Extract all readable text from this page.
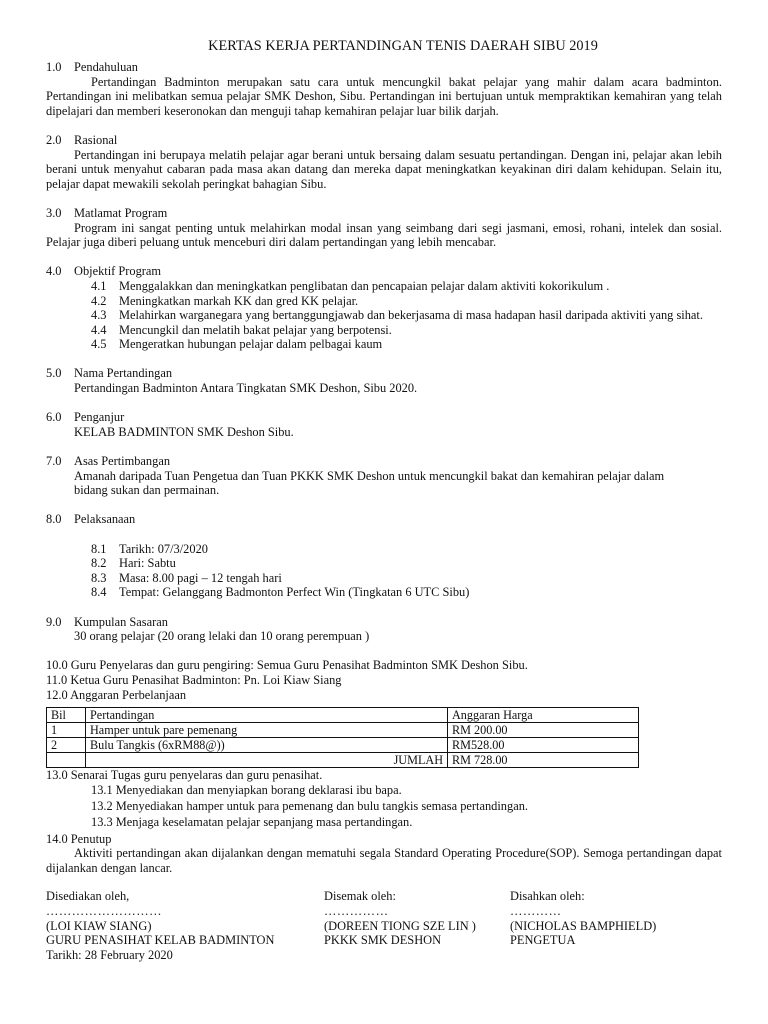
KERTAS KERJA PERTANDINGAN TENIS DAERAH SIBU 2019
1.0 Pendahuluan

Pertandingan Badminton merupakan satu cara untuk mencungkil bakat pelajar yang mahir dalam acara badminton. Pertandingan ini melibatkan semua pelajar SMK Deshon, Sibu. Pertandingan ini bertujuan untuk mempraktikan kemahiran yang telah dipelajari dan memberi keseronokan dan menguji tahap kemahiran pelajar luar bilik darjah.

2.0 Rasional

Pertandingan ini berupaya melatih pelajar agar berani untuk bersaing dalam sesuatu pertandingan. Dengan ini, pelajar akan lebih berani untuk menyahut cabaran pada masa akan datang dan mereka dapat meningkatkan keyakinan diri dalam kehidupan. Selain itu, pelajar dapat mewakili sekolah peringkat bahagian Sibu.

3.0 Matlamat Program

Program ini sangat penting untuk melahirkan modal insan yang seimbang dari segi jasmani, emosi, rohani, intelek dan sosial. Pelajar juga diberi peluang untuk menceburi diri dalam pertandingan yang lebih mencabar.

4.0 Objektif Program
4.1	Menggalakkan dan meningkatkan penglibatan dan pencapaian pelajar dalam aktiviti kokorikulum .
4.2	Meningkatkan markah KK dan gred KK pelajar.
4.3	Melahirkan warganegara yang bertanggungjawab dan bekerjasama di masa hadapan hasil daripada aktiviti yang sihat.
4.4	Mencungkil dan melatih bakat pelajar yang berpotensi.
4.5	Mengeratkan hubungan pelajar dalam pelbagai kaum
5.0 Nama Pertandingan

Pertandingan Badminton Antara Tingkatan SMK Deshon, Sibu 2020.

6.0 Penganjur

KELAB BADMINTON SMK Deshon Sibu.

7.0 Asas Pertimbangan

Amanah daripada Tuan Pengetua dan Tuan PKKK SMK Deshon untuk mencungkil bakat dan kemahiran pelajar dalam

bidang sukan dan permainan.

8.0 Pelaksanaan
8.1	Tarikh: 07/3/2020
8.2	Hari: Sabtu
8.3	Masa: 8.00 pagi – 12 tengah hari
8.4	Tempat: Gelanggang Badmonton Perfect Win (Tingkatan 6 UTC Sibu)
9.0 Kumpulan Sasaran

30 orang pelajar (20 orang lelaki dan 10 orang perempuan )

10.0 Guru Penyelaras dan guru pengiring: Semua Guru Penasihat Badminton SMK Deshon Sibu.

11.0 Ketua Guru Penasihat Badminton: Pn. Loi Kiaw Siang

12.0 Anggaran Perbelanjaan

Bil	Pertandingan	Anggaran Harga
1	Hamper untuk pare pemenang	RM 200.00
2	Bulu Tangkis (6xRM88@))	RM528.00
	JUMLAH	RM 728.00

13.0 Senarai Tugas guru penyelaras dan guru penasihat.

13.1 Menyediakan dan menyiapkan borang deklarasi ibu bapa.
13.2 Menyediakan hamper untuk para pemenang dan bulu tangkis semasa pertandingan.
13.3 Menjaga keselamatan pelajar sepanjang masa pertandingan.

14.0 Penutup

Aktiviti pertandingan akan dijalankan dengan mematuhi segala Standard Operating Procedure(SOP). Semoga pertandingan dapat dijalankan dengan lancar.

Disediakan oleh,
………………………
(LOI KIAW SIANG)
GURU PENASIHAT KELAB BADMINTON
Tarikh: 28 February 2020
Disemak oleh:
……………
(DOREEN TIONG SZE LIN )
PKKK SMK DESHON
Disahkan oleh:
…………
(NICHOLAS BAMPHIELD)
PENGETUA
